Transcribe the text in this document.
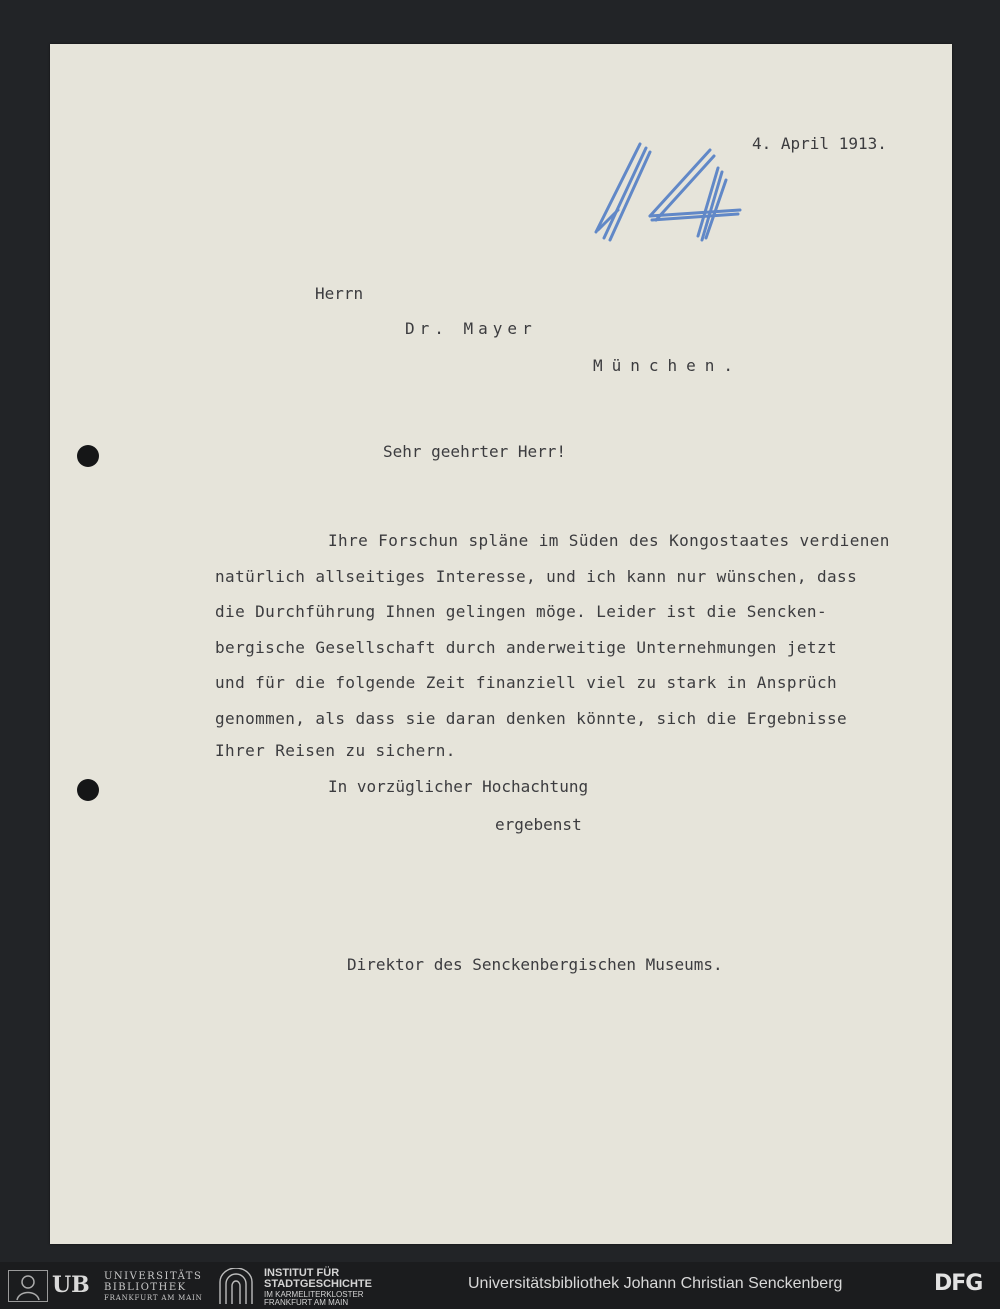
4. April 1913.
Herrn
Dr. Mayer
München.
Sehr geehrter Herr!
Ihre Forschun spläne im Süden des Kongostaates verdienen
natürlich allseitiges Interesse, und ich kann nur wünschen, dass
die Durchführung Ihnen gelingen möge. Leider ist die Sencken-
bergische Gesellschaft durch anderweitige Unternehmungen jetzt
und für die folgende Zeit finanziell viel zu stark in Ansprüch
genommen, als dass sie daran denken könnte, sich die Ergebnisse
Ihrer Reisen zu sichern.
In vorzüglicher Hochachtung
ergebenst
Direktor des Senckenbergischen Museums.
UB UNIVERSITÄTS
BIBLIOTHEK
FRANKFURT AM MAIN
INSTITUT FÜR
STADTGESCHICHTE
IM KARMELITERKLOSTER
FRANKFURT AM MAIN
Universitätsbibliothek Johann Christian Senckenberg	DFG
